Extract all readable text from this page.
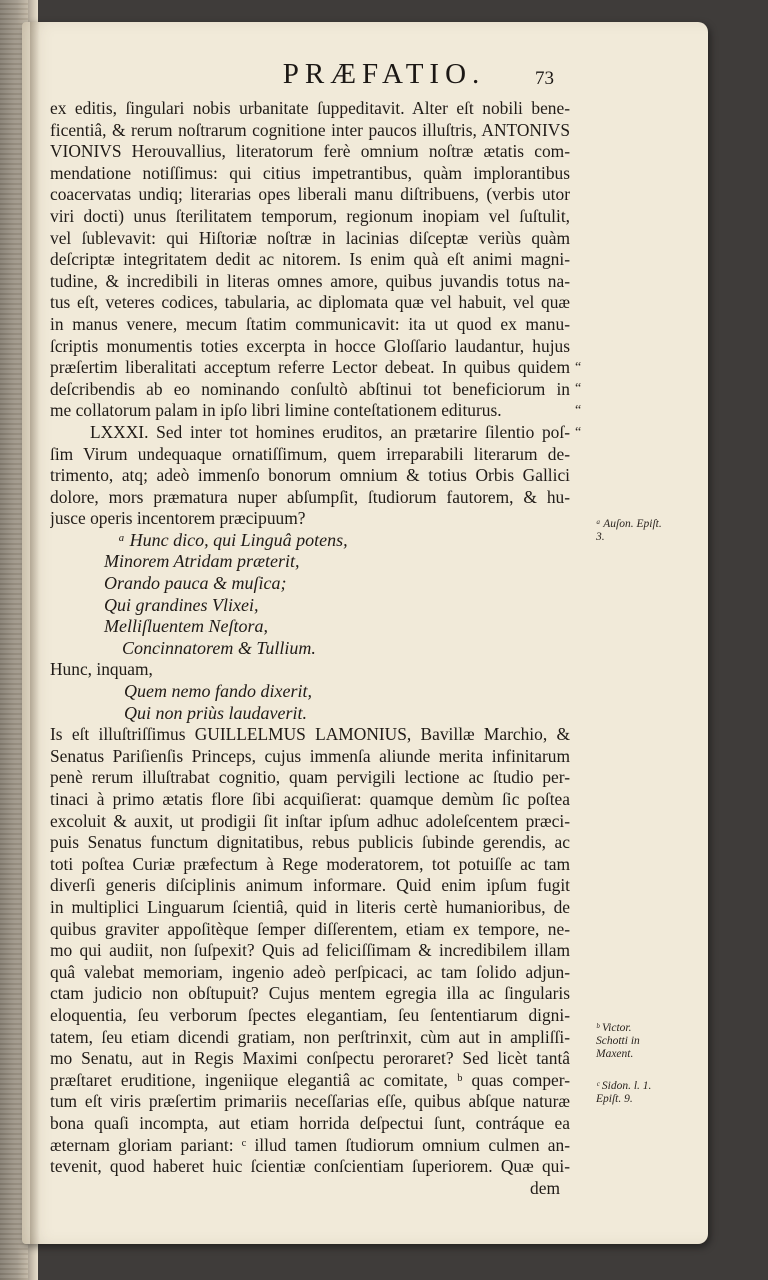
PRÆFATIO.	73
ex editis, ſingulari nobis urbanitate ſuppeditavit. Alter eſt nobili bene-
ficentiâ, & rerum noſtrarum cognitione inter paucos illuſtris, ANTONIVS
VIONIVS Herouvallius, literatorum ferè omnium noſtræ ætatis com-
mendatione notiſſimus: qui citius impetrantibus, quàm implorantibus
coacervatas undiq; literarias opes liberali manu diſtribuens, (verbis utor
viri docti) unus ſterilitatem temporum, regionum inopiam vel ſuſtulit,
vel ſublevavit: qui Hiſtoriæ noſtræ in lacinias diſceptæ veriùs quàm
deſcriptæ integritatem dedit ac nitorem. Is enim quà eſt animi magni-
tudine, & incredibili in literas omnes amore, quibus juvandis totus na-
tus eſt, veteres codices, tabularia, ac diplomata quæ vel habuit, vel quæ
in manus venere, mecum ſtatim communicavit: ita ut quod ex manu-
ſcriptis monumentis toties excerpta in hocce Gloſſario laudantur, hujus
præſertim liberalitati acceptum referre Lector debeat. In quibus quidem
deſcribendis ab eo nominando conſultò abſtinui tot beneficiorum in
me collatorum palam in ipſo libri limine conteſtationem editurus.
LXXXI. Sed inter tot homines eruditos, an prætarire ſilentio poſ-
ſim Virum undequaque ornatiſſimum, quem irreparabili literarum de-
trimento, atq; adeò immenſo bonorum omnium & totius Orbis Gallici
dolore, mors præmatura nuper abſumpſit, ſtudiorum fautorem, & hu-
jusce operis incentorem præcipuum?
ᵃ Hunc dico, qui Linguâ potens,
Minorem Atridam præterit,
Orando pauca & muſica;
Qui grandines Vlixei,
Melliſluentem Neſtora,
Concinnatorem & Tullium.
Hunc, inquam,
Quem nemo fando dixerit,
Qui non priùs laudaverit.
Is eſt illuſtriſſimus GUILLELMUS LAMONIUS, Bavillæ Marchio, &
Senatus Pariſienſis Princeps, cujus immenſa aliunde merita infinitarum
penè rerum illuſtrabat cognitio, quam pervigili lectione ac ſtudio per-
tinaci à primo ætatis flore ſibi acquiſierat: quamque demùm ſic poſtea
excoluit & auxit, ut prodigii ſit inſtar ipſum adhuc adoleſcentem præci-
puis Senatus functum dignitatibus, rebus publicis ſubinde gerendis, ac
toti poſtea Curiæ præfectum à Rege moderatorem, tot potuiſſe ac tam
diverſi generis diſciplinis animum informare. Quid enim ipſum fugit
in multiplici Linguarum ſcientiâ, quid in literis certè humanioribus, de
quibus graviter appoſitèque ſemper diſſerentem, etiam ex tempore, ne-
mo qui audiit, non ſuſpexit? Quis ad feliciſſimam & incredibilem illam
quâ valebat memoriam, ingenio adeò perſpicaci, ac tam ſolido adjun-
ctam judicio non obſtupuit? Cujus mentem egregia illa ac ſingularis
eloquentia, ſeu verborum ſpectes elegantiam, ſeu ſententiarum digni-
tatem, ſeu etiam dicendi gratiam, non perſtrinxit, cùm aut in ampliſſi-
mo Senatu, aut in Regis Maximi conſpectu peroraret? Sed licèt tantâ
præſtaret eruditione, ingeniique elegantiâ ac comitate, ᵇ quas comper-
tum eſt viris præſertim primariis neceſſarias eſſe, quibus abſque naturæ
bona quaſi incompta, aut etiam horrida deſpectui ſunt, contráque ea
æternam gloriam pariant: ᶜ illud tamen ſtudiorum omnium culmen an-
tevenit, quod haberet huic ſcientiæ conſcientiam ſuperiorem. Quæ qui-
dem
“
“
“
“
ᵃ Auſon. Epiſt. 3.
ᵇ Victor. Schotti in Maxent.
ᶜ Sidon. l. 1. Epiſt. 9.
